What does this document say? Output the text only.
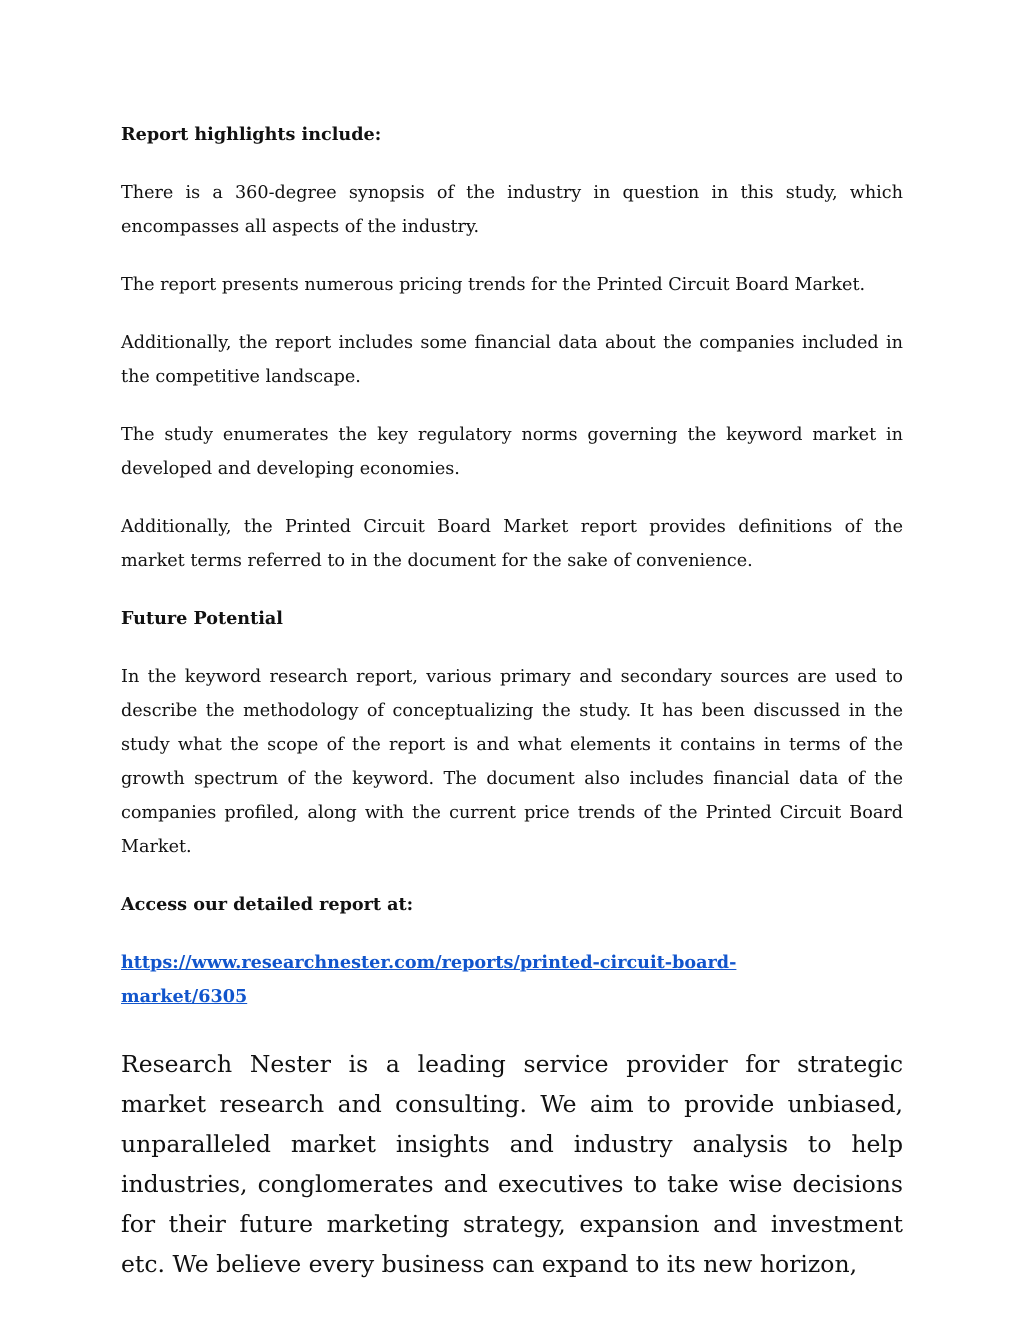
Report highlights include:

There is a 360-degree synopsis of the industry in question in this study, which encompasses all aspects of the industry.

The report presents numerous pricing trends for the Printed Circuit Board Market.

Additionally, the report includes some financial data about the companies included in the competitive landscape.

The study enumerates the key regulatory norms governing the keyword market in developed and developing economies.

Additionally, the Printed Circuit Board Market report provides definitions of the market terms referred to in the document for the sake of convenience.

Future Potential

In the keyword research report, various primary and secondary sources are used to describe the methodology of conceptualizing the study. It has been discussed in the study what the scope of the report is and what elements it contains in terms of the growth spectrum of the keyword. The document also includes financial data of the companies profiled, along with the current price trends of the Printed Circuit Board Market.

Access our detailed report at:

https://www.researchnester.com/reports/printed-circuit-board-
market/6305

Research Nester is a leading service provider for strategic market research and consulting. We aim to provide unbiased, unparalleled market insights and industry analysis to help industries, conglomerates and executives to take wise decisions for their future marketing strategy, expansion and investment etc. We believe every business can expand to its new horizon,
